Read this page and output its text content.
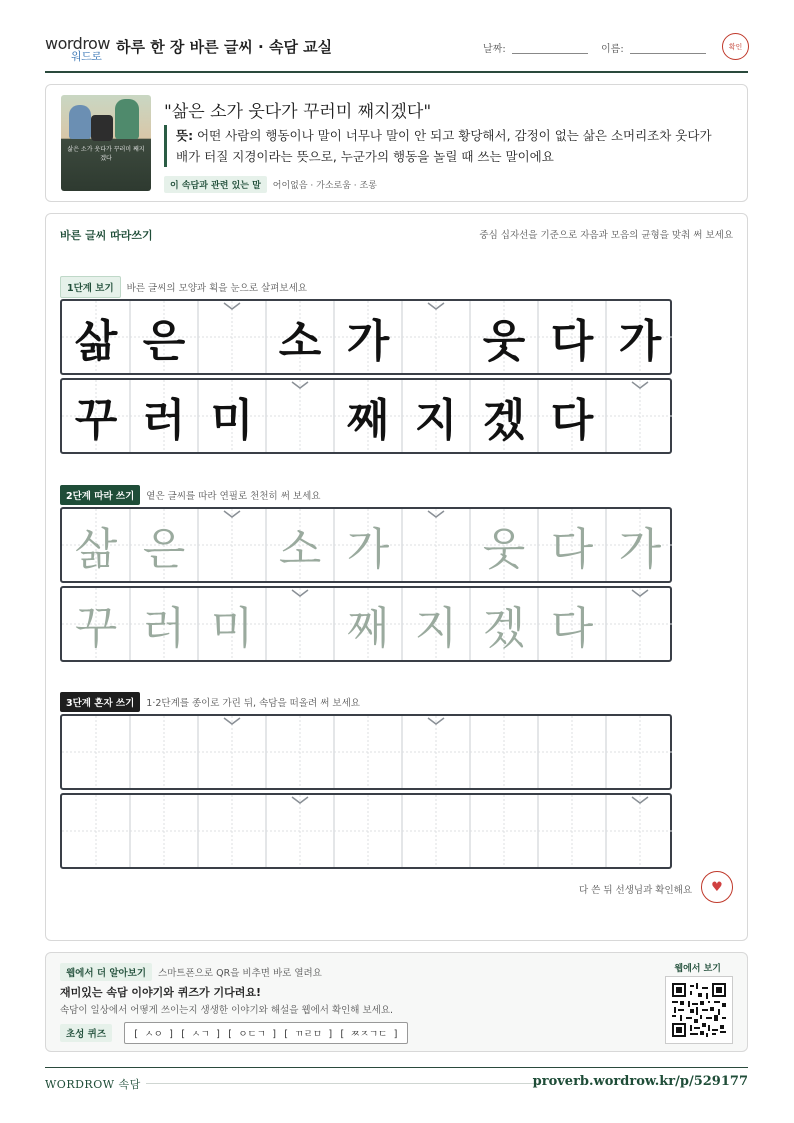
wordrow
워드로
하루 한 장 바른 글씨 · 속담 교실	날짜:	이름:	확인
삶은 소가 웃다가 꾸러미 째지겠다
"삶은 소가 웃다가 꾸러미 째지겠다"
뜻: 어떤 사람의 행동이나 말이 너무나 말이 안 되고 황당해서, 감정이 없는 삶은 소머리조차 웃다가 배가 터질 지경이라는 뜻으로, 누군가의 행동을 놀릴 때 쓰는 말이에요
이 속담과 관련 있는 말 어이없음 · 가소로움 · 조롱
바른 글씨 따라쓰기	중심 십자선을 기준으로 자음과 모음의 균형을 맞춰 써 보세요
1단계 보기 바른 글씨의 모양과 획을 눈으로 살펴보세요
2단계 따라 쓰기 옅은 글씨를 따라 연필로 천천히 써 보세요
3단계 혼자 쓰기 1·2단계를 종이로 가린 뒤, 속담을 떠올려 써 보세요
다 쓴 뒤 선생님과 확인해요	♥
삶 은 소 가 웃 다 가
꾸 러 미 째 지 겠 다
삶 은 소 가 웃 다 가
꾸 러 미 째 지 겠 다
웹에서 더 알아보기 스마트폰으로 QR을 비추면 바로 열려요
재미있는 속담 이야기와 퀴즈가 기다려요!
속담이 일상에서 어떻게 쓰이는지 생생한 이야기와 해설을 웹에서 확인해 보세요.
초성 퀴즈	[ ㅅㅇ ] [ ㅅㄱ ] [ ㅇㄷㄱ ] [ ㄲㄹㅁ ] [ ㅉㅈㄱㄷ ]
웹에서 보기
WORDROW 속담	proverb.wordrow.kr/p/529177
